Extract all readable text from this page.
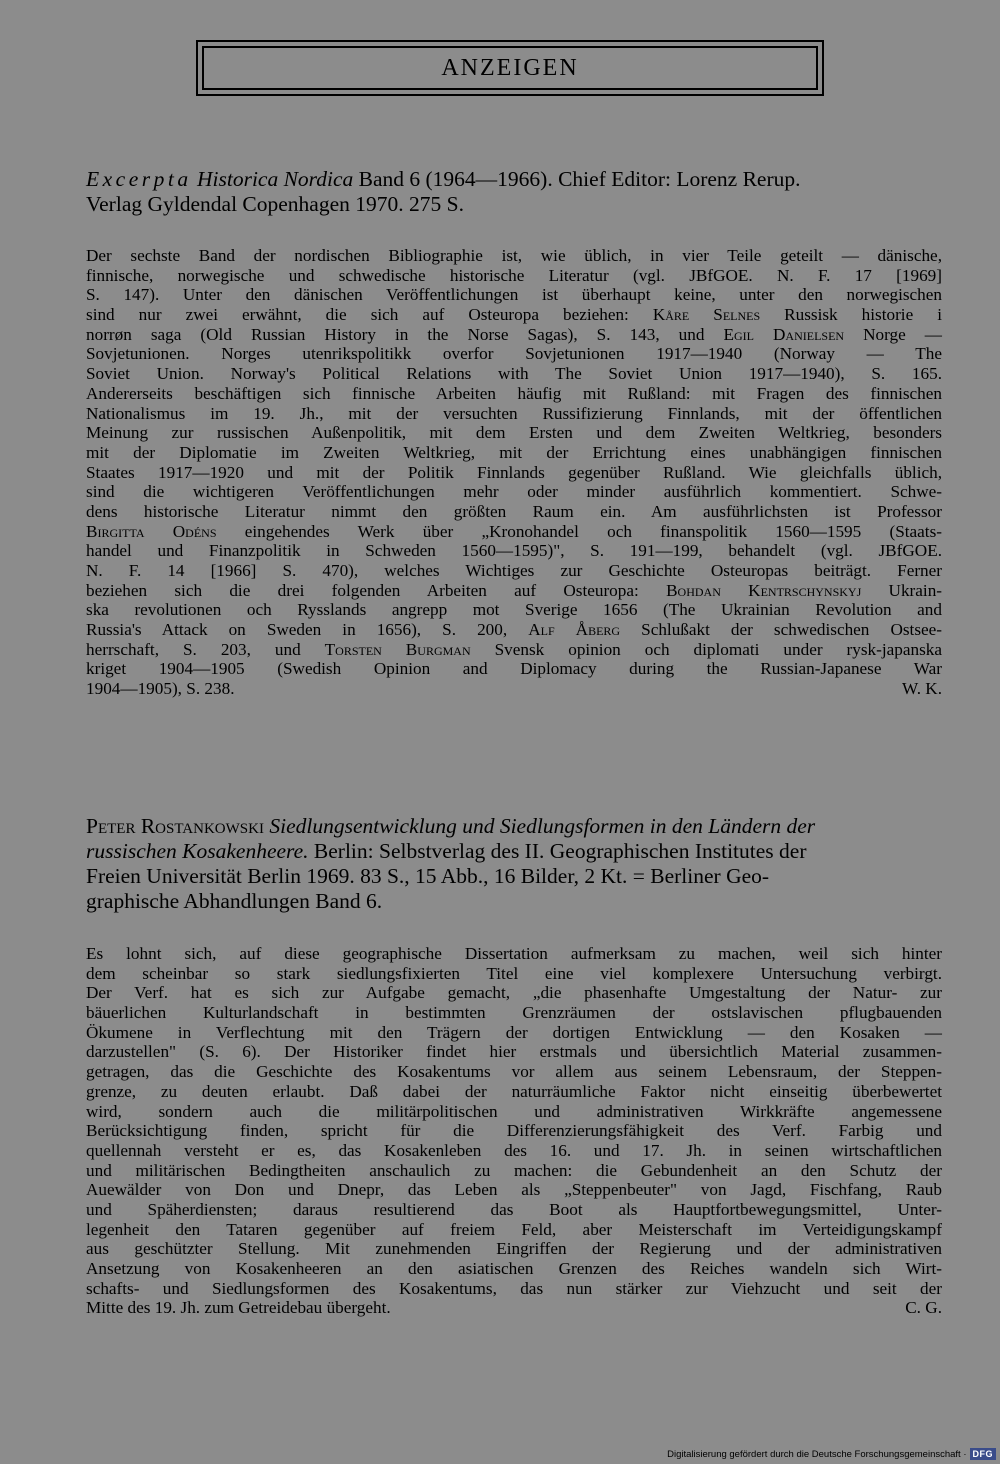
ANZEIGEN
Excerpta Historica Nordica Band 6 (1964—1966). Chief Editor: Lorenz Rerup.
Verlag Gyldendal Copenhagen 1970. 275 S.
Der sechste Band der nordischen Bibliographie ist, wie üblich, in vier Teile geteilt — dänische,
finnische, norwegische und schwedische historische Literatur (vgl. JBfGOE. N. F. 17 [1969]
S. 147). Unter den dänischen Veröffentlichungen ist überhaupt keine, unter den norwegischen
sind nur zwei erwähnt, die sich auf Osteuropa beziehen: Kåre Selnes Russisk historie i
norrøn saga (Old Russian History in the Norse Sagas), S. 143, und Egil Danielsen Norge —
Sovjetunionen. Norges utenrikspolitikk overfor Sovjetunionen 1917—1940 (Norway — The
Soviet Union. Norway's Political Relations with The Soviet Union 1917—1940), S. 165.
Andererseits beschäftigen sich finnische Arbeiten häufig mit Rußland: mit Fragen des finnischen
Nationalismus im 19. Jh., mit der versuchten Russifizierung Finnlands, mit der öffentlichen
Meinung zur russischen Außenpolitik, mit dem Ersten und dem Zweiten Weltkrieg, besonders
mit der Diplomatie im Zweiten Weltkrieg, mit der Errichtung eines unabhängigen finnischen
Staates 1917—1920 und mit der Politik Finnlands gegenüber Rußland. Wie gleichfalls üblich,
sind die wichtigeren Veröffentlichungen mehr oder minder ausführlich kommentiert. Schwe-
dens historische Literatur nimmt den größten Raum ein. Am ausführlichsten ist Professor
Birgitta Odéns eingehendes Werk über „Kronohandel och finanspolitik 1560—1595 (Staats-
handel und Finanzpolitik in Schweden 1560—1595)", S. 191—199, behandelt (vgl. JBfGOE.
N. F. 14 [1966] S. 470), welches Wichtiges zur Geschichte Osteuropas beiträgt. Ferner
beziehen sich die drei folgenden Arbeiten auf Osteuropa: Bohdan Kentrschynskyj Ukrain-
ska revolutionen och Rysslands angrepp mot Sverige 1656 (The Ukrainian Revolution and
Russia's Attack on Sweden in 1656), S. 200, Alf Åberg Schlußakt der schwedischen Ostsee-
herrschaft, S. 203, und Torsten Burgman Svensk opinion och diplomati under rysk-japanska
kriget 1904—1905 (Swedish Opinion and Diplomacy during the Russian-Japanese War
1904—1905), S. 238.	W. K.
Peter Rostankowski Siedlungsentwicklung und Siedlungsformen in den Ländern der
russischen Kosakenheere. Berlin: Selbstverlag des II. Geographischen Institutes der
Freien Universität Berlin 1969. 83 S., 15 Abb., 16 Bilder, 2 Kt. = Berliner Geo-
graphische Abhandlungen Band 6.
Es lohnt sich, auf diese geographische Dissertation aufmerksam zu machen, weil sich hinter
dem scheinbar so stark siedlungsfixierten Titel eine viel komplexere Untersuchung verbirgt.
Der Verf. hat es sich zur Aufgabe gemacht, „die phasenhafte Umgestaltung der Natur- zur
bäuerlichen Kulturlandschaft in bestimmten Grenzräumen der ostslavischen pflugbauenden
Ökumene in Verflechtung mit den Trägern der dortigen Entwicklung — den Kosaken —
darzustellen" (S. 6). Der Historiker findet hier erstmals und übersichtlich Material zusammen-
getragen, das die Geschichte des Kosakentums vor allem aus seinem Lebensraum, der Steppen-
grenze, zu deuten erlaubt. Daß dabei der naturräumliche Faktor nicht einseitig überbewertet
wird, sondern auch die militärpolitischen und administrativen Wirkkräfte angemessene
Berücksichtigung finden, spricht für die Differenzierungsfähigkeit des Verf. Farbig und
quellennah versteht er es, das Kosakenleben des 16. und 17. Jh. in seinen wirtschaftlichen
und militärischen Bedingtheiten anschaulich zu machen: die Gebundenheit an den Schutz der
Auewälder von Don und Dnepr, das Leben als „Steppenbeuter" von Jagd, Fischfang, Raub
und Späherdiensten; daraus resultierend das Boot als Hauptfortbewegungsmittel, Unter-
legenheit den Tataren gegenüber auf freiem Feld, aber Meisterschaft im Verteidigungskampf
aus geschützter Stellung. Mit zunehmenden Eingriffen der Regierung und der administrativen
Ansetzung von Kosakenheeren an den asiatischen Grenzen des Reiches wandeln sich Wirt-
schafts- und Siedlungsformen des Kosakentums, das nun stärker zur Viehzucht und seit der
Mitte des 19. Jh. zum Getreidebau übergeht.	C. G.
Digitalisierung gefördert durch die Deutsche Forschungsgemeinschaft · DFG
